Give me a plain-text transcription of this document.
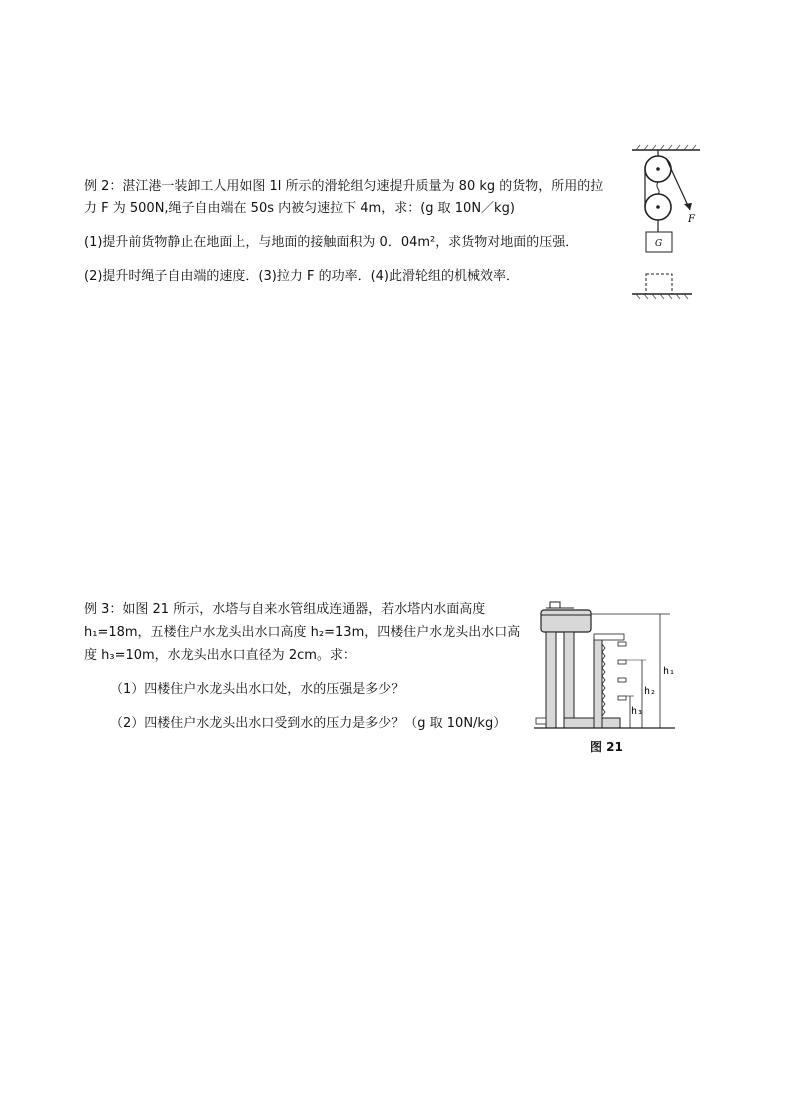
例 2：湛江港一装卸工人用如图 1l 所示的滑轮组匀速提升质量为 80 kg 的货物，所用的拉
力 F 为 500N,绳子自由端在 50s 内被匀速拉下 4m，求：(g 取 10N／kg)
(1)提升前货物静止在地面上，与地面的接触面积为 0．04m²，求货物对地面的压强．
(2)提升时绳子自由端的速度．(3)拉力 F 的功率．(4)此滑轮组的机械效率．
F
G
例 3：如图 21 所示，水塔与自来水管组成连通器，若水塔内水面高度
h₁=18m，五楼住户水龙头出水口高度 h₂=13m，四楼住户水龙头出水口高
度 h₃=10m，水龙头出水口直径为 2cm。求：
（1）四楼住户水龙头出水口处，水的压强是多少？
（2）四楼住户水龙头出水口受到水的压力是多少？（g 取 10N/kg）
h₁
h₂
h₃
图 21
